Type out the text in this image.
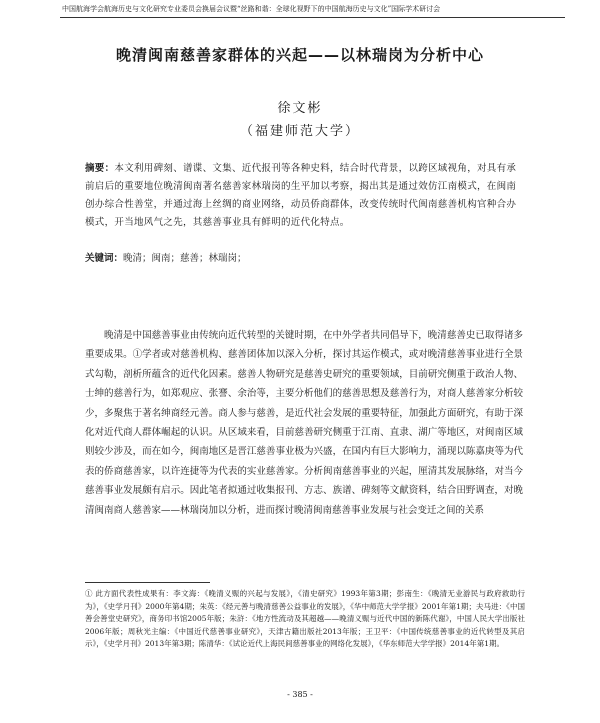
中国航海学会航海历史与文化研究专业委员会换届会议暨“丝路和谐：全球化视野下的中国航海历史与文化”国际学术研讨会
晚清闽南慈善家群体的兴起——以林瑞岗为分析中心
徐文彬
（福建师范大学）
摘要：本文利用碑刻、谱谍、文集、近代报刊等各种史料，结合时代背景，以跨区域视角，对具有承前启后的重要地位晚清闽南著名慈善家林瑞岗的生平加以考察，揭出其是通过效仿江南模式，在闽南创办综合性善堂，并通过海上丝绸的商业网络，动员侨商群体，改变传统时代闽南慈善机构官种合办模式，开当地风气之先，其慈善事业具有鲜明的近代化特点。
关键词：晚清；闽南；慈善；林瑞岗；
晚清是中国慈善事业由传统向近代转型的关键时期，在中外学者共同倡导下，晚清慈善史已取得诸多重要成果。①学者或对慈善机构、慈善团体加以深入分析，探讨其运作模式，或对晚清慈善事业进行全景式勾勒，剖析所蕴含的近代化因素。慈善人物研究是慈善史研究的重要领域，目前研究侧重于政治人物、士绅的慈善行为，如郑观应、张謇、余治等，主要分析他们的慈善思想及慈善行为，对商人慈善家分析较少，多聚焦于著名绅商经元善。商人参与慈善，是近代社会发展的重要特征，加强此方面研究，有助于深化对近代商人群体崛起的认识。从区域来看，目前慈善研究侧重于江南、直隶、湖广等地区，对闽南区域则较少涉及，而在如今，闽南地区是晋江慈善事业极为兴盛，在国内有巨大影响力，涌现以陈嘉庚等为代表的侨商慈善家，以许连捷等为代表的实业慈善家。分析闽南慈善事业的兴起，厘清其发展脉络，对当今慈善事业发展颇有启示。因此笔者拟通过收集报刊、方志、族谱、碑刻等文献资料，结合田野调查，对晚清闽南商人慈善家——林瑞岗加以分析，进而探讨晚清闽南慈善事业发展与社会变迁之间的关系
① 此方面代表性成果有：李文海：《晚清义赈的兴起与发展》，《清史研究》1993年第3期；彭南生：《晚清无业游民与政府救助行为》，《史学月刊》2000年第4期；朱英：《经元善与晚清慈善公益事业的发展》，《华中师范大学学报》2001年第1期；夫马进：《中国善会善堂史研究》，商务印书馆2005年版；朱浒：《地方性流动及其超越——晚清义赈与近代中国的新陈代谢》，中国人民大学出版社2006年版；周秋光主编：《中国近代慈善事业研究》，天津古籍出版社2013年版；王卫平：《中国传统慈善事业的近代转型及其启示》，《史学月刊》2013年第3期；陈清华：《试论近代上海民间慈善事业的网络化发展》，《华东师范大学学报》2014年第1期。
- 385 -
